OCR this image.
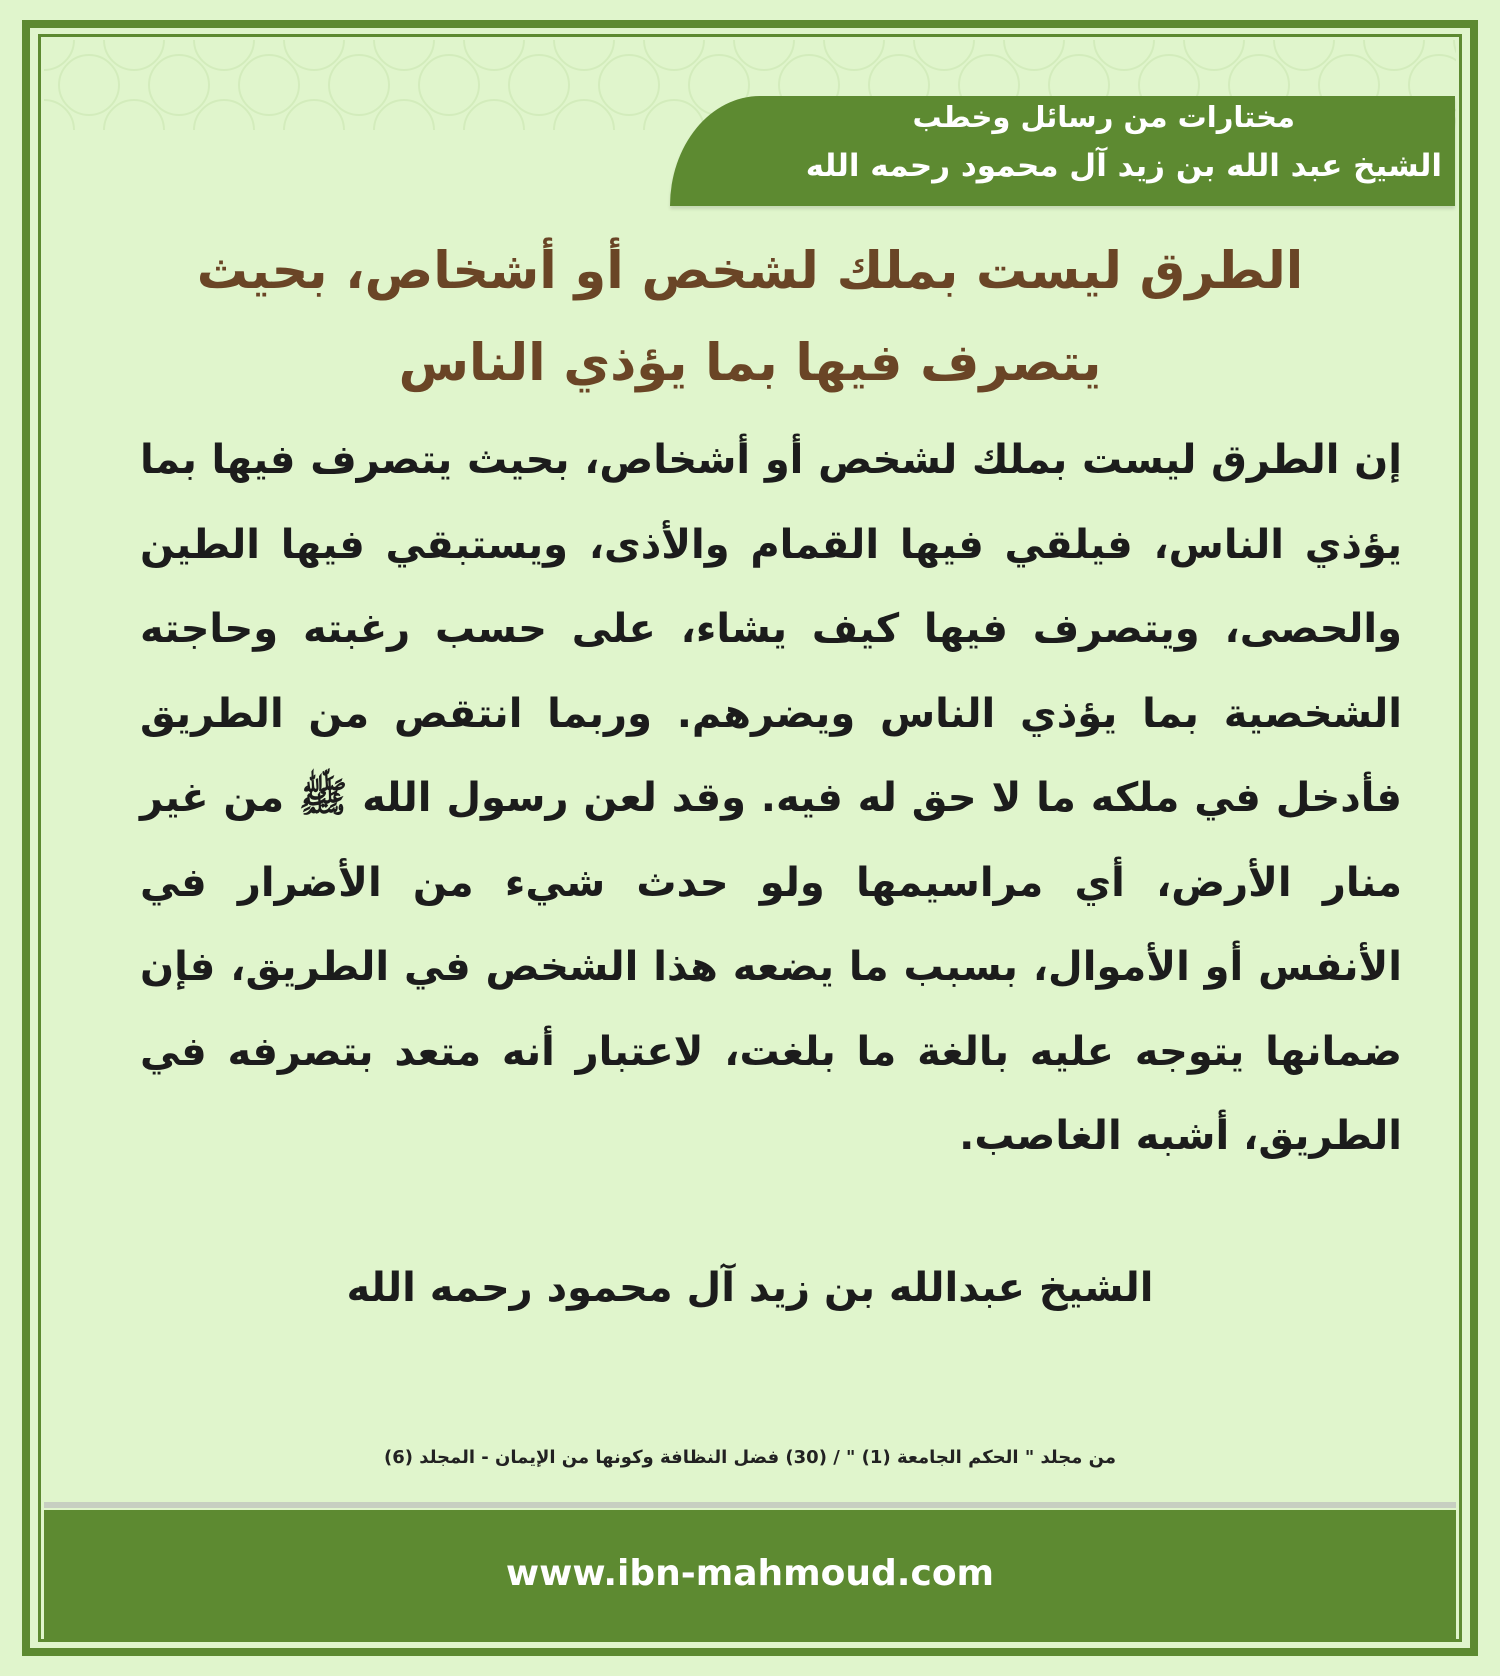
مختارات من رسائل وخطب
الشيخ عبد الله بن زيد آل محمود رحمه الله
الطرق ليست بملك لشخص أو أشخاص، بحيث
يتصرف فيها بما يؤذي الناس
إن الطرق ليست بملك لشخص أو أشخاص، بحيث يتصرف فيها بما يؤذي الناس، فيلقي فيها القمام والأذى، ويستبقي فيها الطين والحصى، ويتصرف فيها كيف يشاء، على حسب رغبته وحاجته الشخصية بما يؤذي الناس ويضرهم. وربما انتقص من الطريق فأدخل في ملكه ما لا حق له فيه. وقد لعن رسول الله ﷺ من غير منار الأرض، أي مراسيمها ولو حدث شيء من الأضرار في الأنفس أو الأموال، بسبب ما يضعه هذا الشخص في الطريق، فإن ضمانها يتوجه عليه بالغة ما بلغت، لاعتبار أنه متعد بتصرفه في الطريق، أشبه الغاصب.
الشيخ عبدالله بن زيد آل محمود رحمه الله
من مجلد " الحكم الجامعة (1) " / (30) فضل النظافة وكونها من الإيمان - المجلد (6)
www.ibn-mahmoud.com
